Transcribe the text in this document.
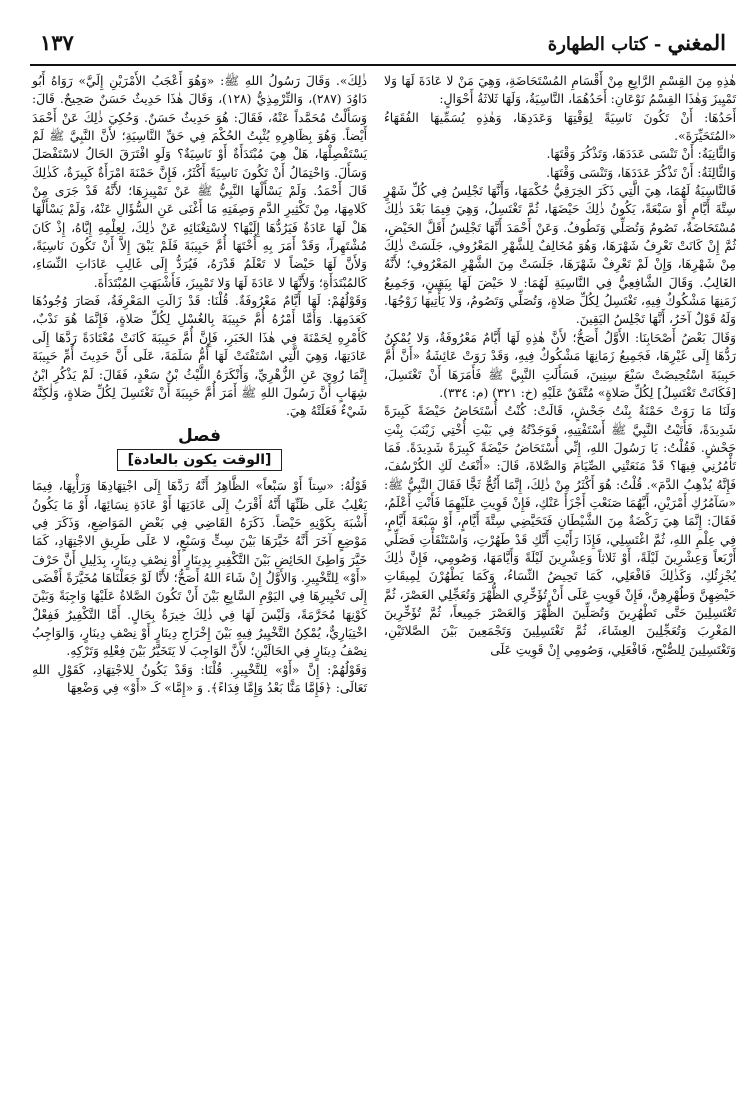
١٣٧	المغني - كتاب الطهارة

هٰذِهِ مِنَ القِسْمِ الرَّابِعِ مِنْ أَقْسَامِ المُسْتَحَاضَةِ، وَهِيَ مَنْ لا عَادَةَ لَهَا وَلا تَمْيِيزَ وَهٰذَا القِسْمُ نَوْعَانِ: أَحَدُهُمَا، النَّاسِيَةُ، وَلَهَا ثَلاثَةُ أَحْوَالٍ:

أَحَدُهَا: أَنْ تَكُونَ نَاسِيَةً لِوَقْتِهَا وَعَدَدِهَا، وَهٰذِهِ يُسَمِّيهَا الفُقَهَاءُ «المُتَحَيِّرَةَ».

وَالثَّانِيَةُ: أَنْ تَنْسَى عَدَدَهَا، وَتَذْكُرَ وَقْتَهَا.

وَالثَّالِثَةُ: أَنْ تَذْكُرَ عَدَدَهَا، وَتَنْسَى وَقْتَهَا.

فَالنَّاسِيَةُ لَهُمَا، هِيَ الَّتِي ذَكَرَ الخِرَقِيُّ حُكْمَهَا، وَأَنَّهَا تَجْلِسُ فِي كُلِّ شَهْرٍ سِتَّةَ أَيَّامٍ أَوْ سَبْعَةً، يَكُونُ ذٰلِكَ حَيْضَهَا، ثُمَّ تَغْتَسِلُ، وَهِيَ فِيمَا بَعْدَ ذٰلِكَ مُسْتَحَاضَةٌ، تَصُومُ وَتُصَلِّي وَتَطُوفُ. وَعَنْ أَحْمَدَ أَنَّهَا تَجْلِسُ أَقَلَّ الحَيْضِ، ثُمَّ إِنْ كَانَتْ تَعْرِفُ شَهْرَهَا، وَهُوَ مُخَالِفٌ لِلشَّهْرِ المَعْرُوفِ، جَلَسَتْ ذٰلِكَ مِنْ شَهْرِهَا، وَإِنْ لَمْ تَعْرِفْ شَهْرَهَا، جَلَسَتْ مِنَ الشَّهْرِ المَعْرُوفِ؛ لأَنَّهُ الغَالِبُ. وَقَالَ الشَّافِعِيُّ فِي النَّاسِيَةِ لَهُمَا: لا حَيْضَ لَهَا بِيَقِينٍ، وَجَمِيعُ زَمَنِهَا مَشْكُوكٌ فِيهِ، تَغْتَسِلُ لِكُلِّ صَلاةٍ، وَتُصَلِّي وَتَصُومُ، وَلا يَأْتِيهَا زَوْجُهَا. وَلَهُ قَوْلٌ آخَرُ، أَنَّهَا تَجْلِسُ اليَقِينَ.

وَقَالَ بَعْضُ أَصْحَابِنَا: الأَوَّلُ أَصَحُّ؛ لأَنَّ هٰذِهِ لَهَا أَيَّامٌ مَعْرُوفَةٌ، وَلا يُمْكِنُ رَدُّهَا إِلَى غَيْرِهَا، فَجَمِيعُ زَمَانِهَا مَشْكُوكٌ فِيهِ، وَقَدْ رَوَتْ عَائِشَةُ «أَنَّ أُمَّ حَبِيبَةَ اسْتُحِيضَتْ سَبْعَ سِنِينَ، فَسَأَلَتِ النَّبِيَّ ﷺ فَأَمَرَهَا أَنْ تَغْتَسِلَ، [فَكَانَتْ تَغْتَسِلُ] لِكُلِّ صَلاةٍ» مُتَّفَقٌ عَلَيْهِ (خ: ٣٢١) (م: ٣٣٤).

وَلَنَا مَا رَوَتْ حَمْنَةُ بِنْتُ جَحْشٍ، قَالَتْ: كُنْتُ أُسْتَحَاضُ حَيْضَةً كَبِيرَةً شَدِيدَةً، فَأَتَيْتُ النَّبِيَّ ﷺ أَسْتَفْتِيهِ، فَوَجَدْتُهُ فِي بَيْتِ أُخْتِي زَيْنَبَ بِنْتِ جَحْشٍ. فَقُلْتُ: يَا رَسُولَ اللهِ، إِنِّي أُسْتَحَاضُ حَيْضَةً كَبِيرَةً شَدِيدَةً. فَمَا تَأْمُرُنِي فِيهَا؟ قَدْ مَنَعَتْنِي الصِّيَامَ وَالصَّلاةَ، قَالَ: «أَنْعَتُ لَكِ الكُرْسُفَ، فَإِنَّهُ يُذْهِبُ الدَّمَ». قُلْتُ: هُوَ أَكْثَرُ مِنْ ذٰلِكَ، إِنَّمَا أَثُجُّ ثَجًّا فَقَالَ النَّبِيُّ ﷺ: «سَآمُرُكِ أَمْرَيْنِ، أَيَّهُمَا صَنَعْتِ أَجْزَأَ عَنْكِ، فَإِنْ قَوِيتِ عَلَيْهِمَا فَأَنْتِ أَعْلَمُ، فَقَالَ: إِنَّمَا هِيَ رَكْضَةٌ مِنَ الشَّيْطَانِ فَتَحَيَّضِي سِتَّةَ أَيَّامٍ، أَوْ سَبْعَةَ أَيَّامٍ، فِي عِلْمِ اللهِ، ثُمَّ اغْتَسِلِي، فَإِذَا رَأَيْتِ أَنَّكِ قَدْ طَهُرْتِ، وَاسْتَنْقَأْتِ فَصَلِّي أَرْبَعاً وَعِشْرِينَ لَيْلَةً، أَوْ ثَلاثاً وَعِشْرِينَ لَيْلَةً وَأَيَّامَهَا، وَصُومِي، فَإِنَّ ذٰلِكَ يُجْزِئُكِ، وَكَذٰلِكَ فَافْعَلِي، كَمَا تَحِيضُ النِّسَاءُ، وَكَمَا يَطْهُرْنَ لِمِيقَاتِ حَيْضِهِنَّ وَطُهْرِهِنَّ، فَإِنْ قَوِيتِ عَلَى أَنْ تُؤَخِّرِي الظُّهْرَ وَتُعَجِّلِي العَصْرَ، ثُمَّ تَغْتَسِلِينَ حَتَّى تَطْهُرِينَ وَتُصَلِّينَ الظُّهْرَ وَالعَصْرَ جَمِيعاً، ثُمَّ تُؤَخِّرِينَ المَغْرِبَ وَتُعَجِّلِينَ العِشَاءَ، ثُمَّ تَغْتَسِلِينَ وَتَجْمَعِينَ بَيْنَ الصَّلاتَيْنِ، وَتَغْتَسِلِينَ لِلصُّبْحِ، فَافْعَلِي، وَصُومِي إِنْ قَوِيتِ عَلَى

ذٰلِكَ». وَقَالَ رَسُولُ اللهِ ﷺ: «وَهُوَ أَعْجَبُ الأَمْرَيْنِ إِلَيَّ» رَوَاهُ أَبُو دَاوُدَ (٢٨٧)، وَالتِّرْمِذِيُّ (١٢٨)، وَقَالَ هٰذَا حَدِيثٌ حَسَنٌ صَحِيحٌ. قَالَ: وَسَأَلْتُ مُحَمَّداً عَنْهُ، فَقَالَ: هُوَ حَدِيثٌ حَسَنٌ. وَحُكِيَ ذٰلِكَ عَنْ أَحْمَدَ أَيْضاً. وَهُوَ بِظَاهِرِهِ يُثْبِتُ الحُكْمَ فِي حَقِّ النَّاسِيَةِ؛ لأَنَّ النَّبِيَّ ﷺ لَمْ يَسْتَفْصِلْهَا، هَلْ هِيَ مُبْتَدَأَةٌ أَوْ نَاسِيَةٌ؟ وَلَوِ افْتَرَقَ الحَالُ لاسْتَفْصَلَ وَسَأَلَ. وَاحْتِمَالُ أَنْ تَكُونَ نَاسِيَةً أَكْثَرُ، فَإِنَّ حَمْنَةَ امْرَأَةٌ كَبِيرَةٌ، كَذٰلِكَ قَالَ أَحْمَدُ. وَلَمْ يَسْأَلْهَا النَّبِيُّ ﷺ عَنْ تَمْيِيزِهَا؛ لأَنَّهُ قَدْ جَرَى مِنْ كَلامِهَا، مِنْ تَكْثِيرِ الدَّمِ وَصِفَتِهِ مَا أَغْنَى عَنِ السُّؤَالِ عَنْهُ، وَلَمْ يَسْأَلْهَا هَلْ لَهَا عَادَةٌ فَيَرُدُّهَا إِلَيْهَا؟ لاسْتِغْنَائِهِ عَنْ ذٰلِكَ، لِعِلْمِهِ إِيَّاهُ، إِذْ كَانَ مُشْتَهِراً، وَقَدْ أَمَرَ بِهِ أُخْتَهَا أُمَّ حَبِيبَةَ فَلَمْ يَبْقَ إِلاَّ أَنْ تَكُونَ نَاسِيَةً، وَلأَنَّ لَهَا حَيْضاً لا تَعْلَمُ قَدْرَهُ، فَيُرَدُّ إِلَى غَالِبِ عَادَاتِ النِّسَاءِ، كَالمُبْتَدَأَةِ؛ وَلأَنَّهَا لا عَادَةَ لَهَا وَلا تَمْيِيزَ، فَأَشْبَهَتِ المُبْتَدَأَةَ.

وَقَوْلُهُمْ: لَهَا أَيَّامٌ مَعْرُوفَةٌ. قُلْنَا: قَدْ زَالَتِ المَعْرِفَةُ، فَصَارَ وُجُودُهَا كَعَدَمِهَا. وَأَمَّا أَمْرُهُ أُمَّ حَبِيبَةَ بِالغُسْلِ لِكُلِّ صَلاةٍ، فَإِنَّمَا هُوَ نَدْبٌ، كَأَمْرِهِ لِحَمْنَةَ فِي هٰذَا الخَبَرِ، فَإِنَّ أُمَّ حَبِيبَةَ كَانَتْ مُعْتَادَةً رَدَّهَا إِلَى عَادَتِهَا، وَهِيَ الَّتِي اسْتَفْتَتْ لَهَا أُمُّ سَلَمَةَ، عَلَى أَنَّ حَدِيثَ أُمِّ حَبِيبَةَ إِنَّمَا رُوِيَ عَنِ الزُّهْرِيِّ، وَأَنْكَرَهُ اللَّيْثُ بْنُ سَعْدٍ، فَقَالَ: لَمْ يَذْكُرِ ابْنُ شِهَابٍ أَنَّ رَسُولَ اللهِ ﷺ أَمَرَ أُمَّ حَبِيبَةَ أَنْ تَغْتَسِلَ لِكُلِّ صَلاةٍ، وَلٰكِنَّهُ شَيْءٌ فَعَلَتْهُ هِيَ.

فصل
[الوقت يكون بالعادة]

قَوْلُهُ: «سِتاً أَوْ سَبْعاً» الظَّاهِرُ أَنَّهُ رَدَّهَا إِلَى اجْتِهَادِهَا وَرَأْيِهَا، فِيمَا يَغْلِبُ عَلَى ظَنِّهَا أَنَّهُ أَقْرَبُ إِلَى عَادَتِهَا أَوْ عَادَةِ نِسَائِهَا، أَوْ مَا يَكُونُ أَشْبَهَ بِكَوْنِهِ حَيْضاً. ذَكَرَهُ القَاضِي فِي بَعْضِ المَوَاضِعِ، وَذَكَرَ فِي مَوْضِعٍ آخَرَ أَنَّهُ خَيَّرَهَا بَيْنَ سِتٍّ وَسَبْعٍ، لا عَلَى طَرِيقِ الاجْتِهَادِ، كَمَا خَيَّرَ وَاطِئَ الحَائِضِ بَيْنَ التَّكْفِيرِ بِدِينَارٍ أَوْ نِصْفِ دِينَارٍ، بِدَلِيلِ أَنَّ حَرْفَ «أَوْ» لِلتَّخْيِيرِ. وَالأَوَّلُ إِنْ شَاءَ اللهُ أَصَحُّ؛ لأَنَّا لَوْ جَعَلْنَاهَا مُخَيَّرَةً أَفْضَى إِلَى تَخْيِيرِهَا فِي اليَوْمِ السَّابِعِ بَيْنَ أَنْ تَكُونَ الصَّلاةُ عَلَيْهَا وَاجِبَةً وَبَيْنَ كَوْنِهَا مُحَرَّمَةً، وَلَيْسَ لَهَا فِي ذٰلِكَ خِيرَةٌ بِحَالٍ. أَمَّا التَّكْفِيرُ فَفِعْلٌ اخْتِيَارِيٌّ، يُمْكِنُ التَّخْيِيرُ فِيهِ بَيْنَ إِخْرَاجِ دِينَارٍ أَوْ نِصْفِ دِينَارٍ، وَالوَاجِبُ نِصْفُ دِينَارٍ فِي الحَالَيْنِ؛ لأَنَّ الوَاجِبَ لا يَتَخَيَّرُ بَيْنَ فِعْلِهِ وَتَرْكِهِ.

وَقَوْلُهُمْ: إِنَّ «أَوْ» لِلتَّخْيِيرِ. قُلْنَا: وَقَدْ يَكُونُ لِلاجْتِهَادِ، كَقَوْلِ اللهِ تَعَالَى: ﴿فَإِمَّا مَنًّا بَعْدُ وَإِمَّا فِدَاءً﴾. وَ «إِمَّا» كَـ «أَوْ» فِي وَضْعِهَا
